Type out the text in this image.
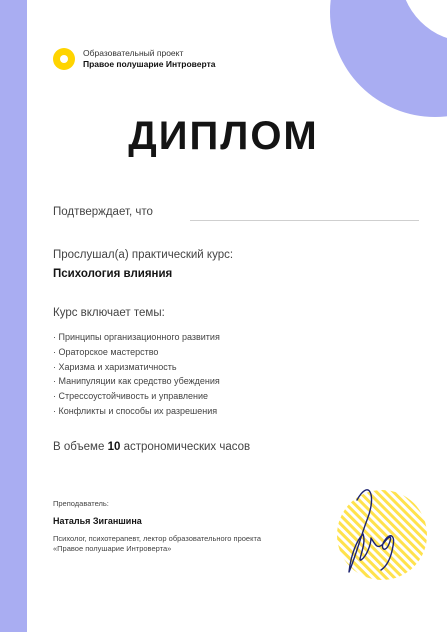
Образовательный проект
Правое полушарие Интроверта
ДИПЛОМ
Подтверждает, что
Прослушал(а) практический курс:
Психология влияния
Курс включает темы:
· Принципы организационного развития
· Ораторское мастерство
· Харизма и харизматичность
· Манипуляции как средство убеждения
· Стрессоустойчивость и управление
· Конфликты и способы их разрешения
В объеме 10 астрономических часов
Преподаватель:
Наталья Зиганшина
Психолог, психотерапевт, лектор образовательного проекта «Правое полушарие Интроверта»
